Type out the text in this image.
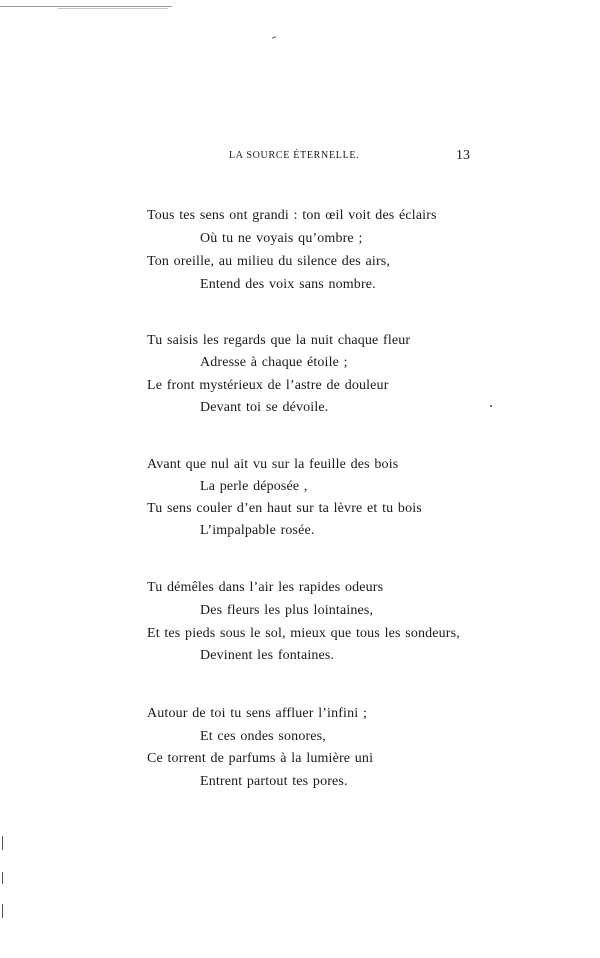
LA SOURCE ÉTERNELLE.	13
Tous tes sens ont grandi : ton œil voit des éclairs
Où tu ne voyais qu’ombre ;
Ton oreille, au milieu du silence des airs,
Entend des voix sans nombre.
Tu saisis les regards que la nuit chaque fleur
Adresse à chaque étoile ;
Le front mystérieux de l’astre de douleur
Devant toi se dévoile.
Avant que nul ait vu sur la feuille des bois
La perle déposée ,
Tu sens couler d’en haut sur ta lèvre et tu bois
L’impalpable rosée.
Tu démêles dans l’air les rapides odeurs
Des fleurs les plus lointaines,
Et tes pieds sous le sol, mieux que tous les sondeurs,
Devinent les fontaines.
Autour de toi tu sens affluer l’infini ;
Et ces ondes sonores,
Ce torrent de parfums à la lumière uni
Entrent partout tes pores.
